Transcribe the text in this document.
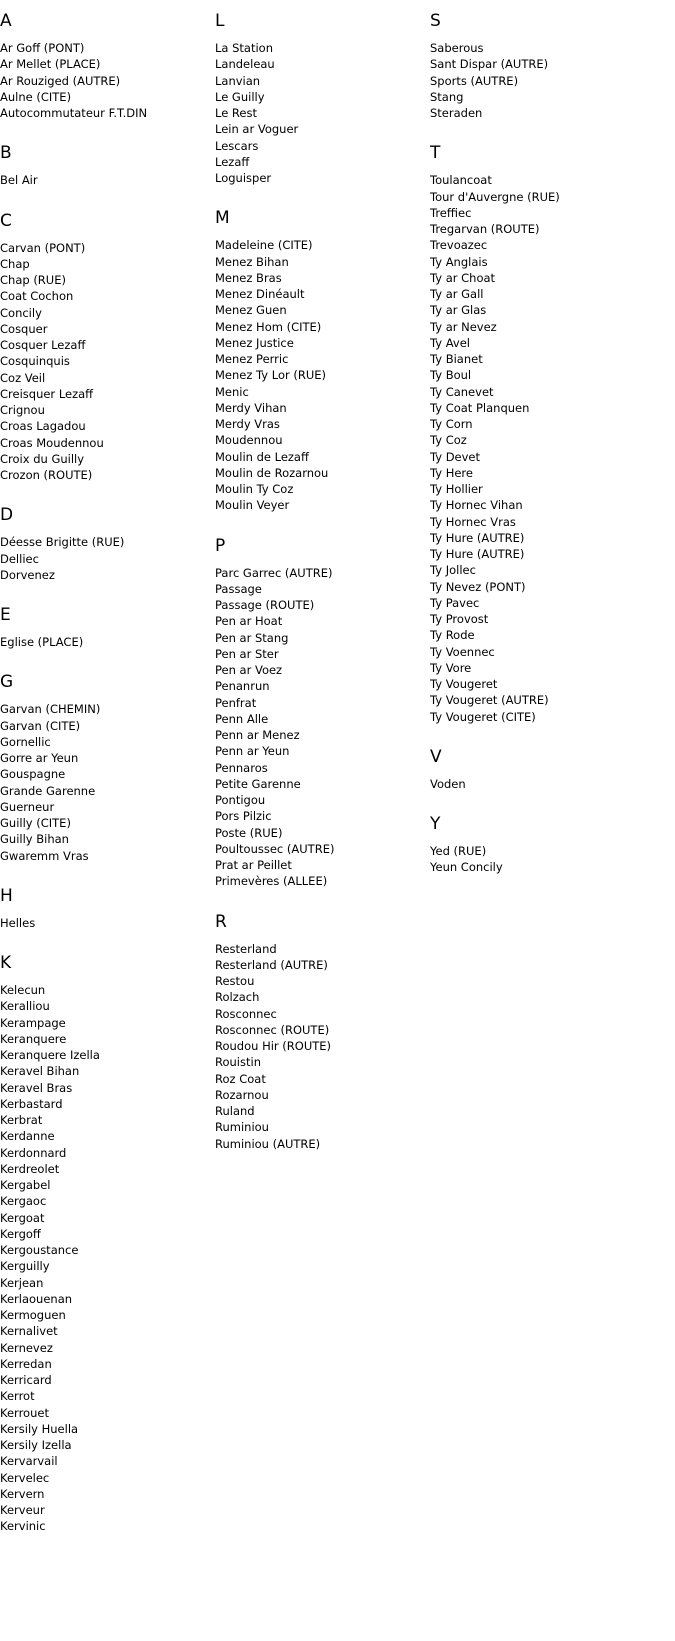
A
Ar Goff (PONT)
Ar Mellet (PLACE)
Ar Rouziged (AUTRE)
Aulne (CITE)
Autocommutateur F.T.DIN
B
Bel Air
C
Carvan (PONT)
Chap
Chap (RUE)
Coat Cochon
Concily
Cosquer
Cosquer Lezaff
Cosquinquis
Coz Veil
Creisquer Lezaff
Crignou
Croas Lagadou
Croas Moudennou
Croix du Guilly
Crozon (ROUTE)
D
Déesse Brigitte (RUE)
Delliec
Dorvenez
E
Eglise (PLACE)
G
Garvan (CHEMIN)
Garvan (CITE)
Gornellic
Gorre ar Yeun
Gouspagne
Grande Garenne
Guerneur
Guilly (CITE)
Guilly Bihan
Gwaremm Vras
H
Helles
K
Kelecun
Keralliou
Kerampage
Keranquere
Keranquere Izella
Keravel Bihan
Keravel Bras
Kerbastard
Kerbrat
Kerdanne
Kerdonnard
Kerdreolet
Kergabel
Kergaoc
Kergoat
Kergoff
Kergoustance
Kerguilly
Kerjean
Kerlaouenan
Kermoguen
Kernalivet
Kernevez
Kerredan
Kerricard
Kerrot
Kerrouet
Kersily Huella
Kersily Izella
Kervarvail
Kervelec
Kervern
Kerveur
Kervinic
L
La Station
Landeleau
Lanvian
Le Guilly
Le Rest
Lein ar Voguer
Lescars
Lezaff
Loguisper
M
Madeleine (CITE)
Menez Bihan
Menez Bras
Menez Dinéault
Menez Guen
Menez Hom (CITE)
Menez Justice
Menez Perric
Menez Ty Lor (RUE)
Menic
Merdy Vihan
Merdy Vras
Moudennou
Moulin de Lezaff
Moulin de Rozarnou
Moulin Ty Coz
Moulin Veyer
P
Parc Garrec (AUTRE)
Passage
Passage (ROUTE)
Pen ar Hoat
Pen ar Stang
Pen ar Ster
Pen ar Voez
Penanrun
Penfrat
Penn Alle
Penn ar Menez
Penn ar Yeun
Pennaros
Petite Garenne
Pontigou
Pors Pilzic
Poste (RUE)
Poultoussec (AUTRE)
Prat ar Peillet
Primevères (ALLEE)
R
Resterland
Resterland (AUTRE)
Restou
Rolzach
Rosconnec
Rosconnec (ROUTE)
Roudou Hir (ROUTE)
Rouistin
Roz Coat
Rozarnou
Ruland
Ruminiou
Ruminiou (AUTRE)
S
Saberous
Sant Dispar (AUTRE)
Sports (AUTRE)
Stang
Steraden
T
Toulancoat
Tour d'Auvergne (RUE)
Treffiec
Tregarvan (ROUTE)
Trevoazec
Ty Anglais
Ty ar Choat
Ty ar Gall
Ty ar Glas
Ty ar Nevez
Ty Avel
Ty Bianet
Ty Boul
Ty Canevet
Ty Coat Planquen
Ty Corn
Ty Coz
Ty Devet
Ty Here
Ty Hollier
Ty Hornec Vihan
Ty Hornec Vras
Ty Hure (AUTRE)
Ty Hure (AUTRE)
Ty Jollec
Ty Nevez (PONT)
Ty Pavec
Ty Provost
Ty Rode
Ty Voennec
Ty Vore
Ty Vougeret
Ty Vougeret (AUTRE)
Ty Vougeret (CITE)
V
Voden
Y
Yed (RUE)
Yeun Concily
